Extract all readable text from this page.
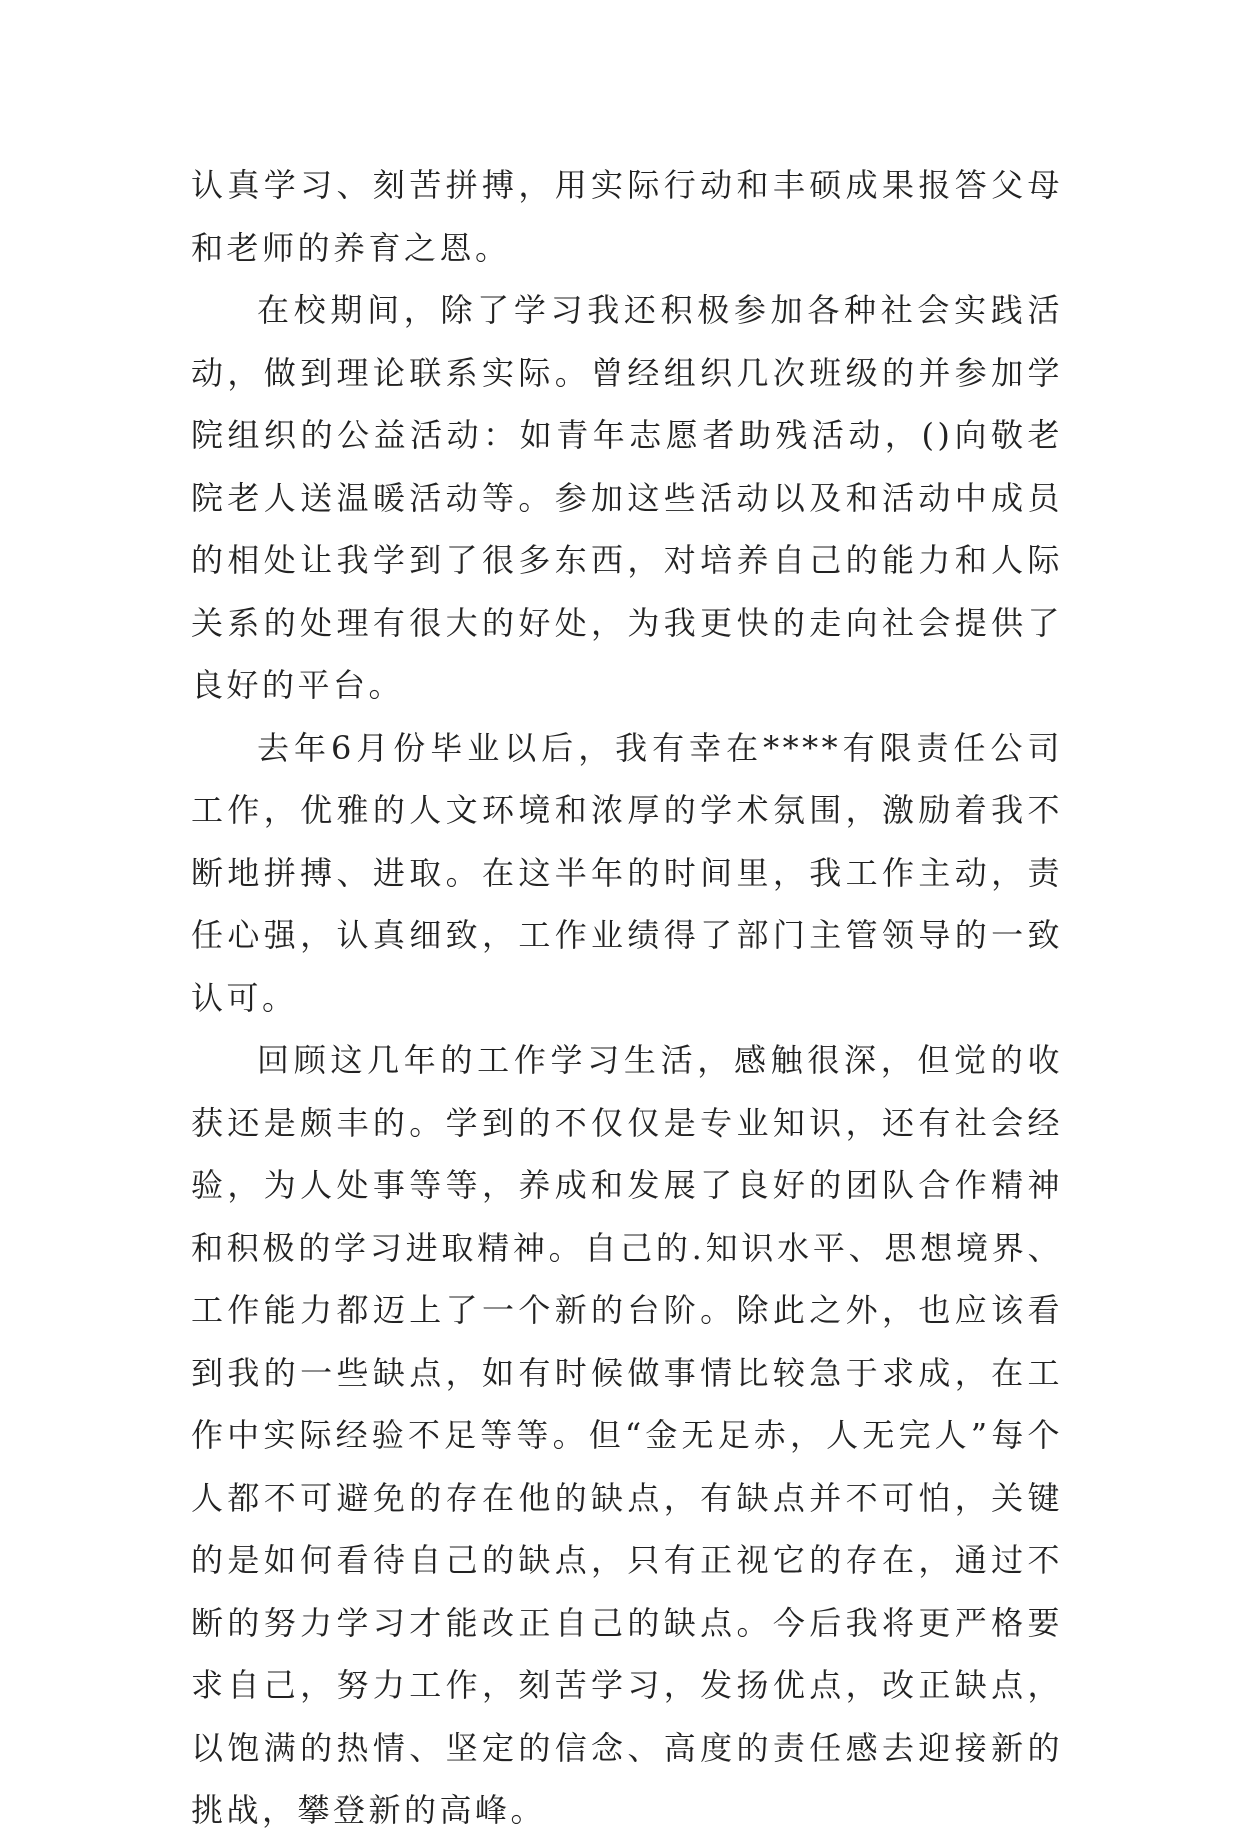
认真学习、刻苦拼搏，用实际行动和丰硕成果报答父母和老师的养育之恩。

在校期间，除了学习我还积极参加各种社会实践活动，做到理论联系实际。曾经组织几次班级的并参加学院组织的公益活动：如青年志愿者助残活动，()向敬老院老人送温暖活动等。参加这些活动以及和活动中成员的相处让我学到了很多东西，对培养自己的能力和人际关系的处理有很大的好处，为我更快的走向社会提供了良好的平台。

去年6月份毕业以后，我有幸在****有限责任公司工作，优雅的人文环境和浓厚的学术氛围，激励着我不断地拼搏、进取。在这半年的时间里，我工作主动，责任心强，认真细致，工作业绩得了部门主管领导的一致认可。

回顾这几年的工作学习生活，感触很深，但觉的收获还是颇丰的。学到的不仅仅是专业知识，还有社会经验，为人处事等等，养成和发展了良好的团队合作精神和积极的学习进取精神。自己的.知识水平、思想境界、工作能力都迈上了一个新的台阶。除此之外，也应该看到我的一些缺点，如有时候做事情比较急于求成，在工作中实际经验不足等等。但“金无足赤，人无完人”每个人都不可避免的存在他的缺点，有缺点并不可怕，关键的是如何看待自己的缺点，只有正视它的存在，通过不断的努力学习才能改正自己的缺点。今后我将更严格要求自己，努力工作，刻苦学习，发扬优点，改正缺点，以饱满的热情、坚定的信念、高度的责任感去迎接新的挑战，攀登新的高峰。
